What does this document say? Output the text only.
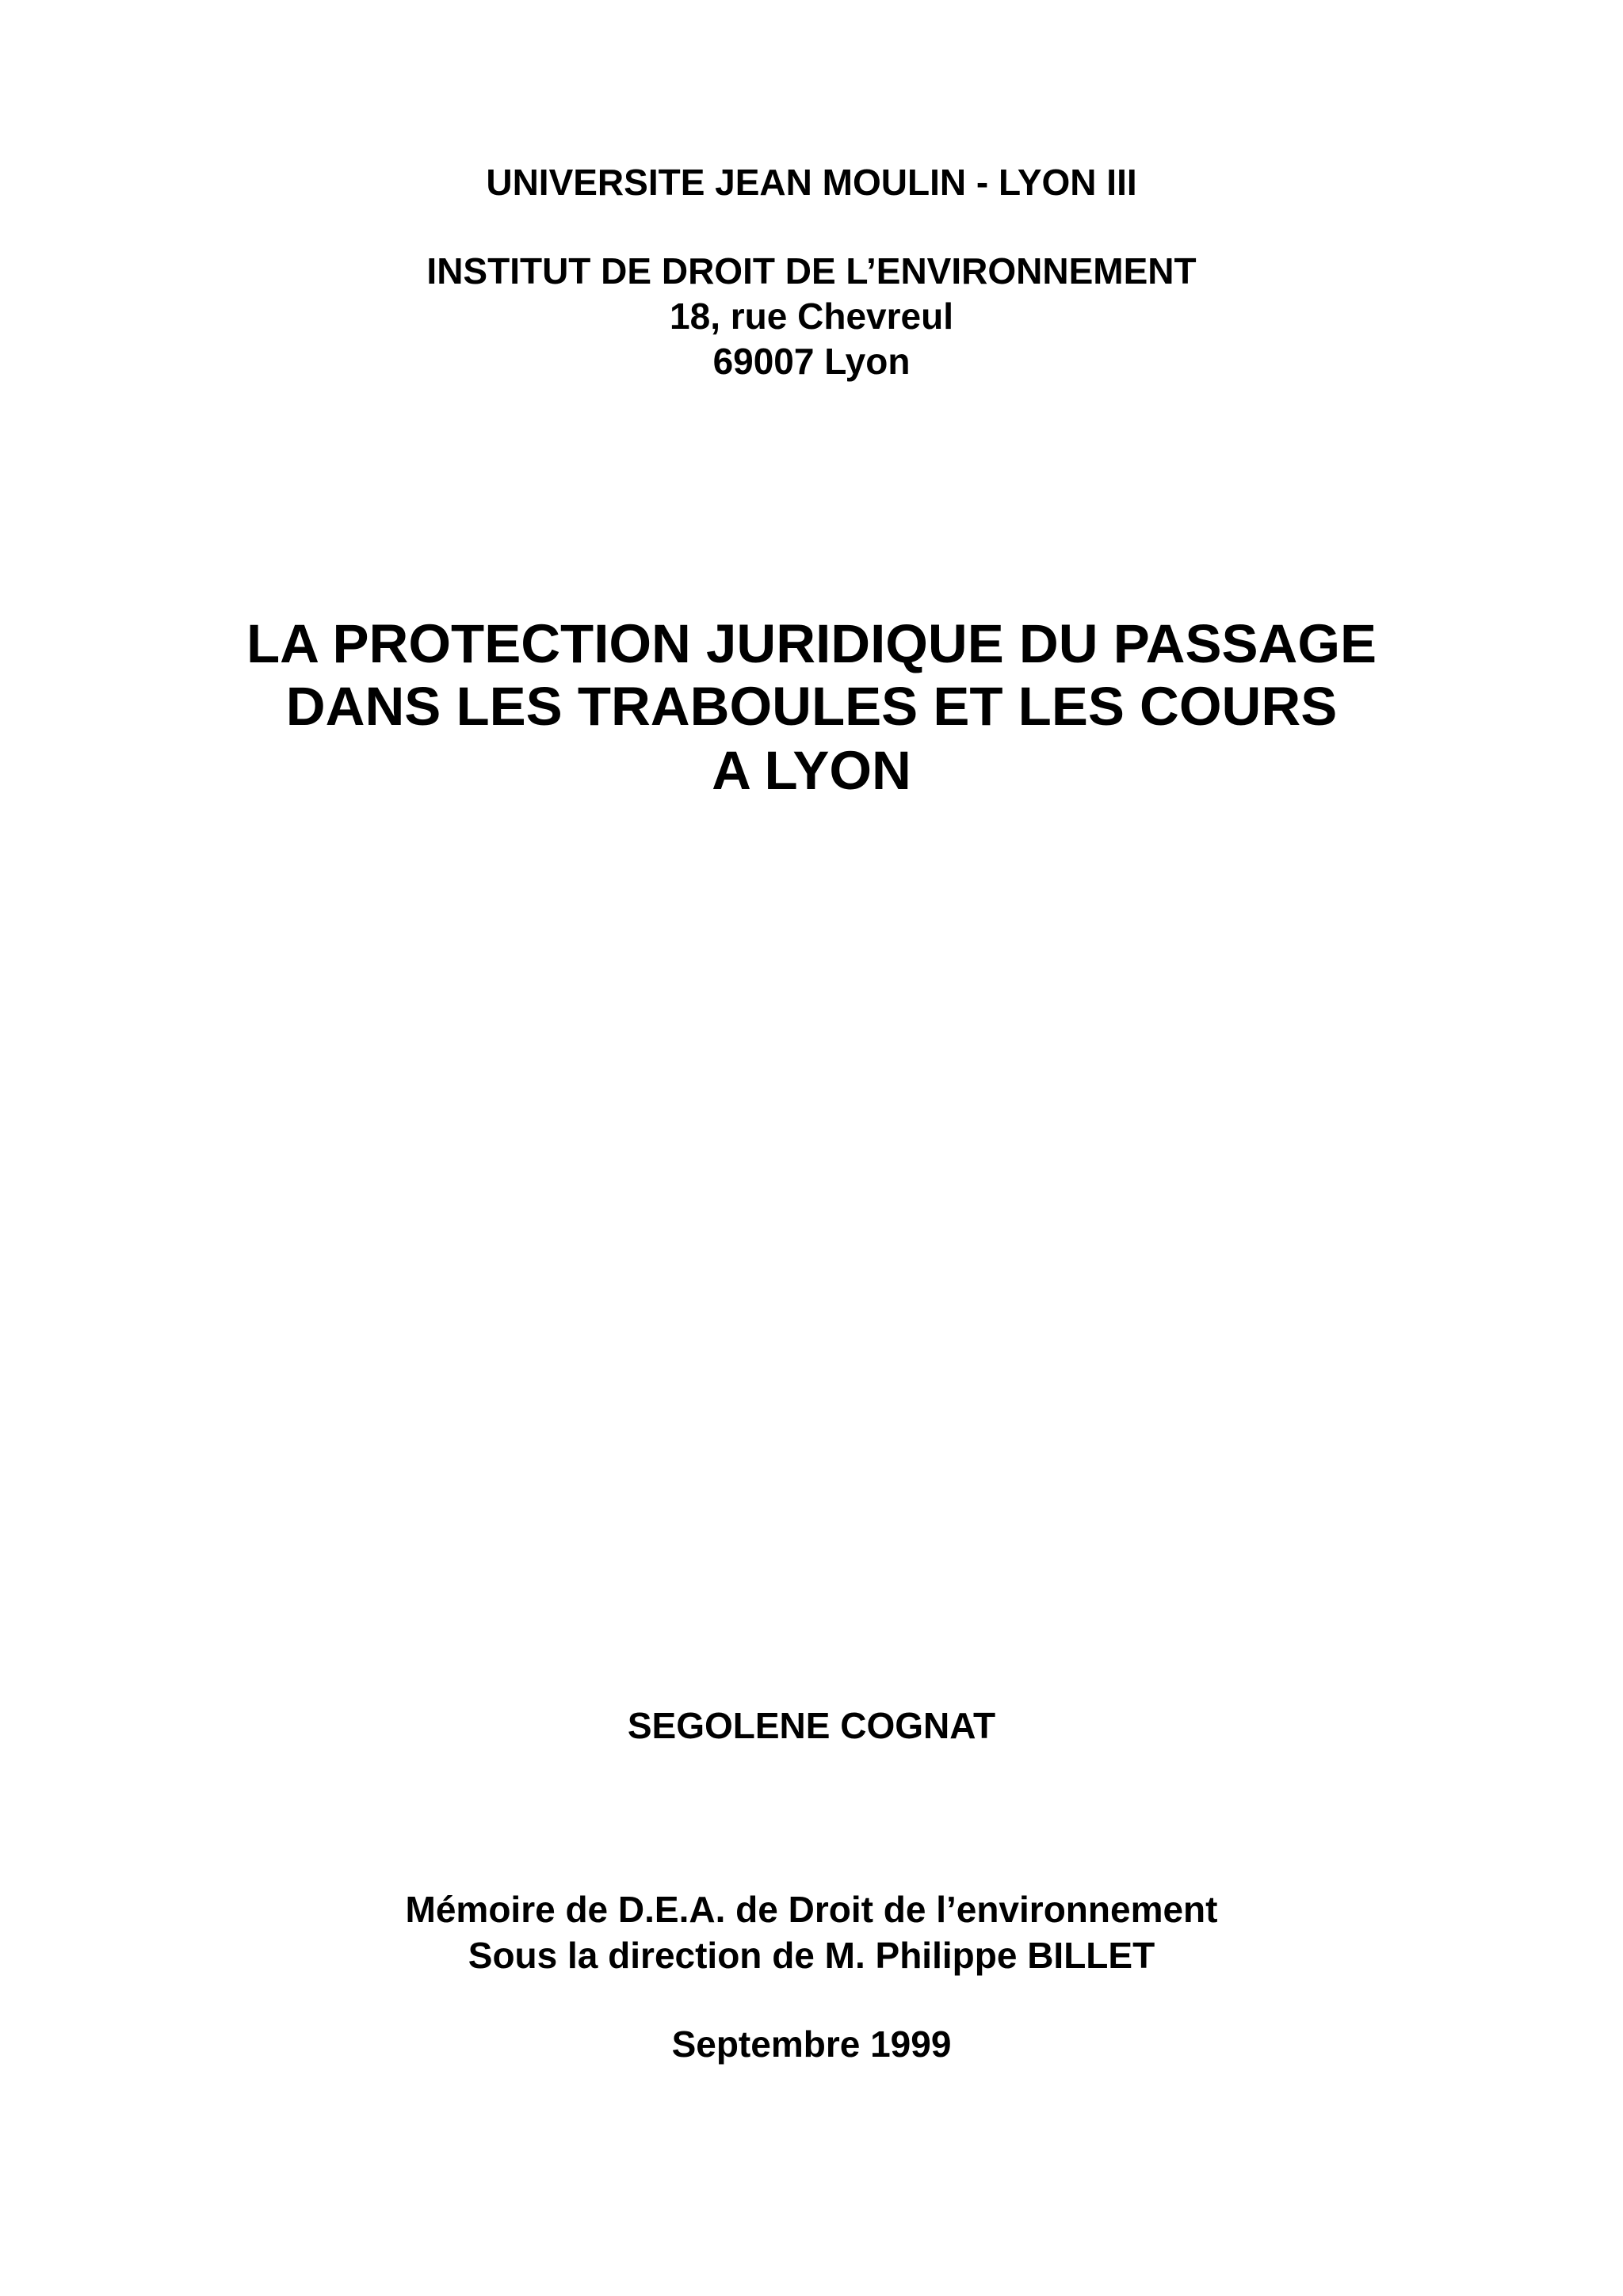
UNIVERSITE JEAN MOULIN - LYON III
INSTITUT DE DROIT DE L’ENVIRONNEMENT
18, rue Chevreul
69007 Lyon
LA PROTECTION JURIDIQUE DU PASSAGE
DANS LES TRABOULES ET LES COURS
A LYON
SEGOLENE COGNAT
Mémoire de D.E.A. de Droit de l’environnement
Sous la direction de M. Philippe BILLET
Septembre 1999
